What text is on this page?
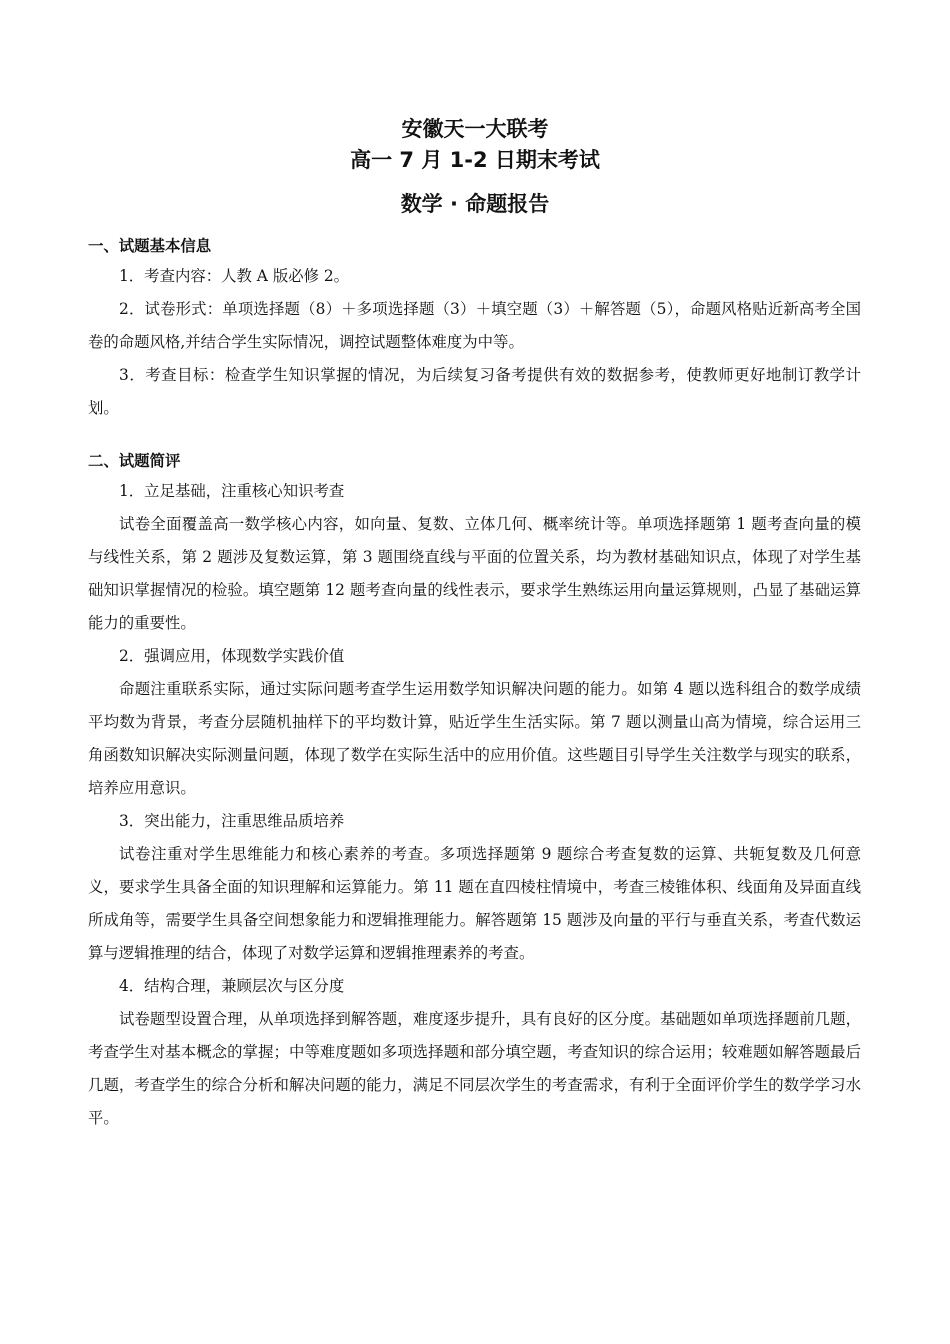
安徽天一大联考
高一 7 月 1-2 日期末考试
数学 · 命题报告
一、试题基本信息

1．考查内容：人教 A 版必修 2。

2．试卷形式：单项选择题（8）＋多项选择题（3）＋填空题（3）＋解答题（5），命题风格贴近新高考全国卷的命题风格,并结合学生实际情况，调控试题整体难度为中等。

3．考查目标：检查学生知识掌握的情况，为后续复习备考提供有效的数据参考，使教师更好地制订教学计划。

二、试题简评

1．立足基础，注重核心知识考查

试卷全面覆盖高一数学核心内容，如向量、复数、立体几何、概率统计等。单项选择题第 1 题考查向量的模与线性关系，第 2 题涉及复数运算，第 3 题围绕直线与平面的位置关系，均为教材基础知识点，体现了对学生基础知识掌握情况的检验。填空题第 12 题考查向量的线性表示，要求学生熟练运用向量运算规则，凸显了基础运算能力的重要性。

2．强调应用，体现数学实践价值

命题注重联系实际，通过实际问题考查学生运用数学知识解决问题的能力。如第 4 题以选科组合的数学成绩平均数为背景，考查分层随机抽样下的平均数计算，贴近学生生活实际。第 7 题以测量山高为情境，综合运用三角函数知识解决实际测量问题，体现了数学在实际生活中的应用价值。这些题目引导学生关注数学与现实的联系，培养应用意识。

3．突出能力，注重思维品质培养

试卷注重对学生思维能力和核心素养的考查。多项选择题第 9 题综合考查复数的运算、共轭复数及几何意义，要求学生具备全面的知识理解和运算能力。第 11 题在直四棱柱情境中，考查三棱锥体积、线面角及异面直线所成角等，需要学生具备空间想象能力和逻辑推理能力。解答题第 15 题涉及向量的平行与垂直关系，考查代数运算与逻辑推理的结合，体现了对数学运算和逻辑推理素养的考查。

4．结构合理，兼顾层次与区分度

试卷题型设置合理，从单项选择到解答题，难度逐步提升，具有良好的区分度。基础题如单项选择题前几题，考查学生对基本概念的掌握；中等难度题如多项选择题和部分填空题，考查知识的综合运用；较难题如解答题最后几题，考查学生的综合分析和解决问题的能力，满足不同层次学生的考查需求，有利于全面评价学生的数学学习水平。
